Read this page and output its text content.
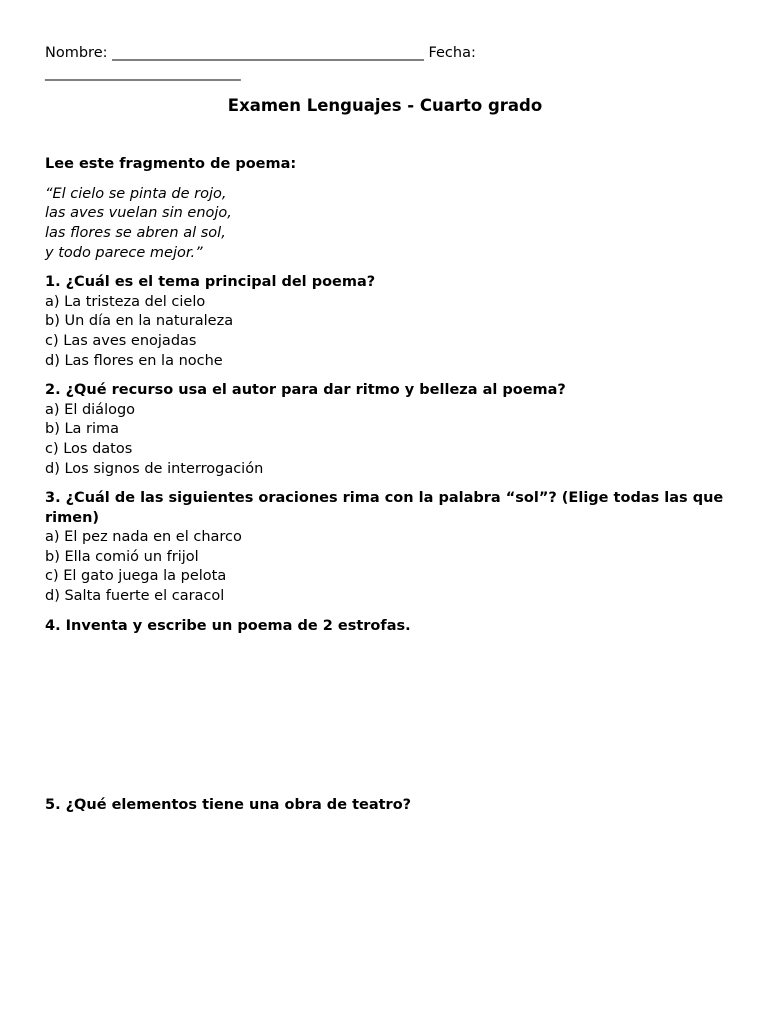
Nombre: ___________________________________________ Fecha:
___________________________
Examen Lenguajes - Cuarto grado
Lee este fragmento de poema:
“El cielo se pinta de rojo,
las aves vuelan sin enojo,
las flores se abren al sol,
y todo parece mejor.”
1. ¿Cuál es el tema principal del poema?
a) La tristeza del cielo
b) Un día en la naturaleza
c) Las aves enojadas
d) Las flores en la noche
2. ¿Qué recurso usa el autor para dar ritmo y belleza al poema?
a) El diálogo
b) La rima
c) Los datos
d) Los signos de interrogación
3. ¿Cuál de las siguientes oraciones rima con la palabra “sol”? (Elige todas las que rimen)
a) El pez nada en el charco
b) Ella comió un frijol
c) El gato juega la pelota
d) Salta fuerte el caracol
4. Inventa y escribe un poema de 2 estrofas.
5. ¿Qué elementos tiene una obra de teatro?
